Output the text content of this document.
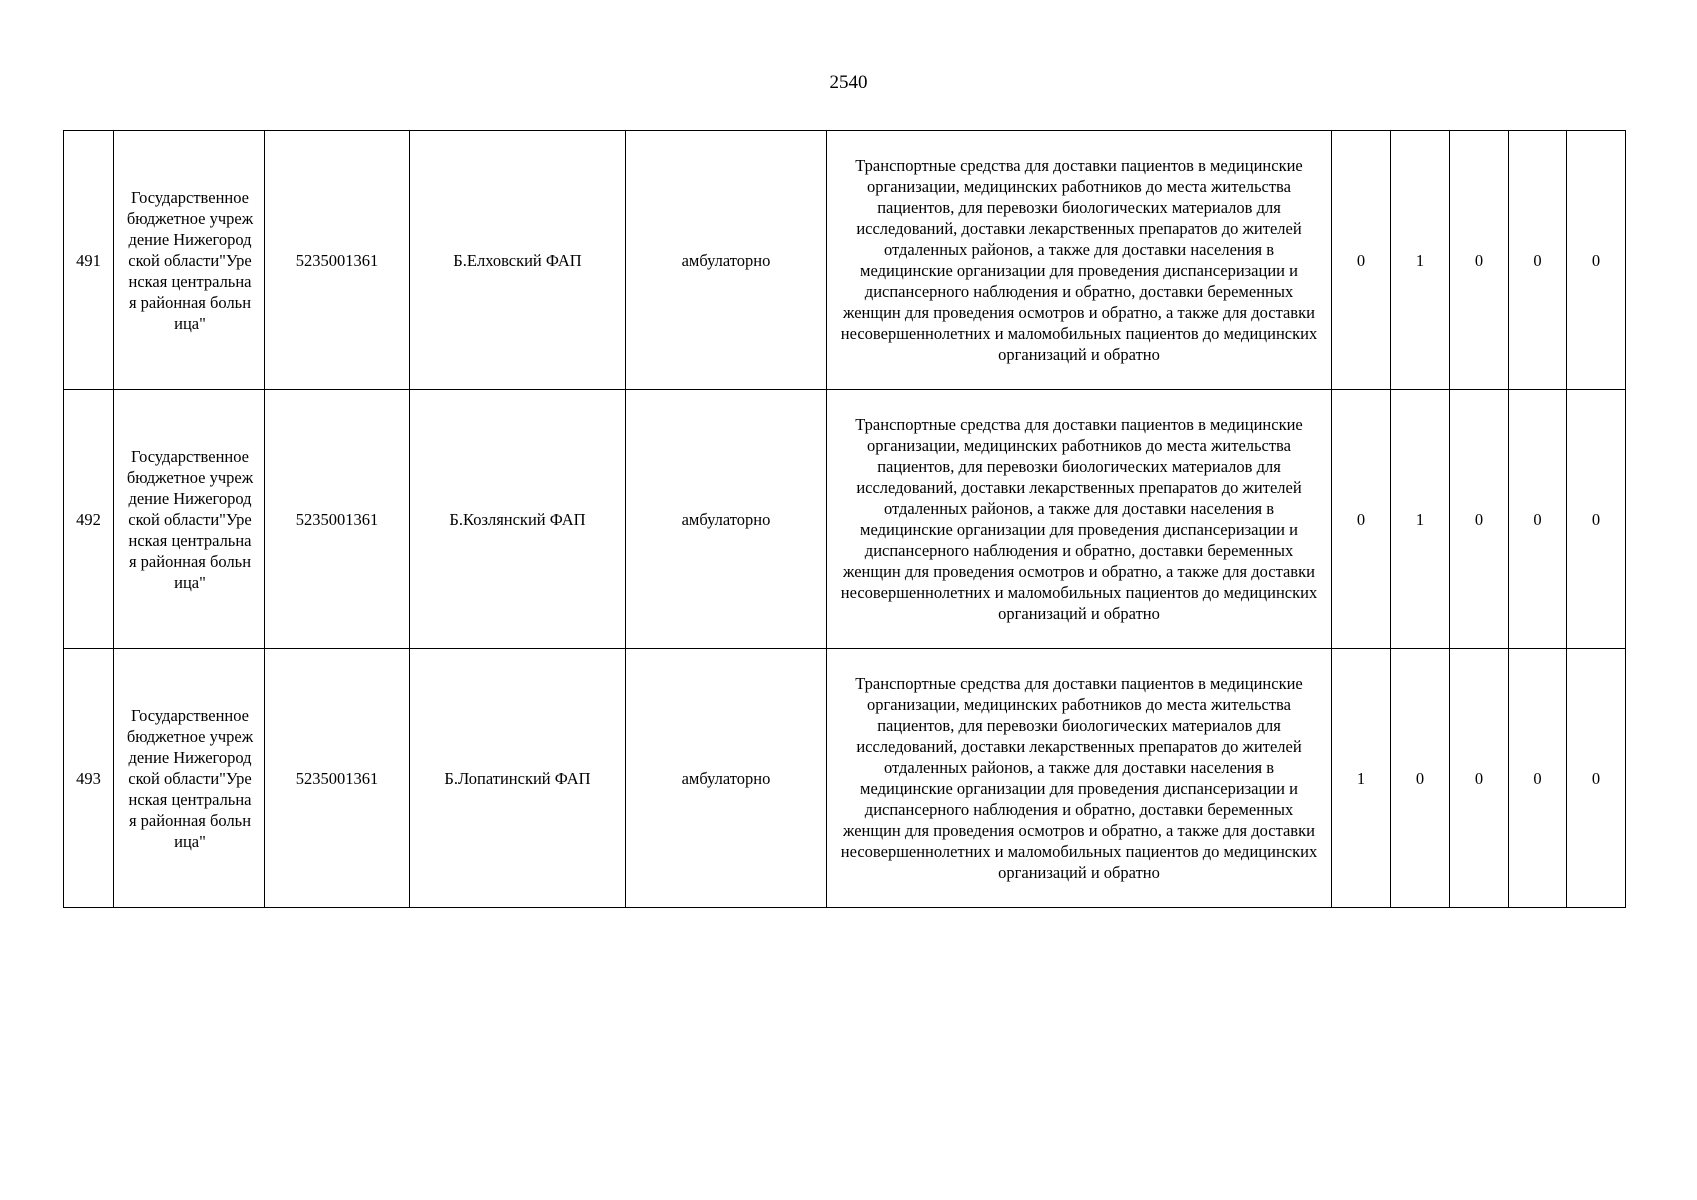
2540
491	Государственное бюджетное учреждение Нижегородской области"Уренская центральная районная больница"	5235001361	Б.Елховский ФАП	амбулаторно	Транспортные средства для доставки пациентов в медицинские организации, медицинских работников до места жительства пациентов, для перевозки биологических материалов для исследований, доставки лекарственных препаратов до жителей отдаленных районов, а также для доставки населения в медицинские организации для проведения диспансеризации и диспансерного наблюдения и обратно, доставки беременных женщин для проведения осмотров и обратно, а также для доставки несовершеннолетних и маломобильных пациентов до медицинских организаций и обратно	0	1	0	0	0
492	Государственное бюджетное учреждение Нижегородской области"Уренская центральная районная больница"	5235001361	Б.Козлянский ФАП	амбулаторно	Транспортные средства для доставки пациентов в медицинские организации, медицинских работников до места жительства пациентов, для перевозки биологических материалов для исследований, доставки лекарственных препаратов до жителей отдаленных районов, а также для доставки населения в медицинские организации для проведения диспансеризации и диспансерного наблюдения и обратно, доставки беременных женщин для проведения осмотров и обратно, а также для доставки несовершеннолетних и маломобильных пациентов до медицинских организаций и обратно	0	1	0	0	0
493	Государственное бюджетное учреждение Нижегородской области"Уренская центральная районная больница"	5235001361	Б.Лопатинский ФАП	амбулаторно	Транспортные средства для доставки пациентов в медицинские организации, медицинских работников до места жительства пациентов, для перевозки биологических материалов для исследований, доставки лекарственных препаратов до жителей отдаленных районов, а также для доставки населения в медицинские организации для проведения диспансеризации и диспансерного наблюдения и обратно, доставки беременных женщин для проведения осмотров и обратно, а также для доставки несовершеннолетних и маломобильных пациентов до медицинских организаций и обратно	1	0	0	0	0
